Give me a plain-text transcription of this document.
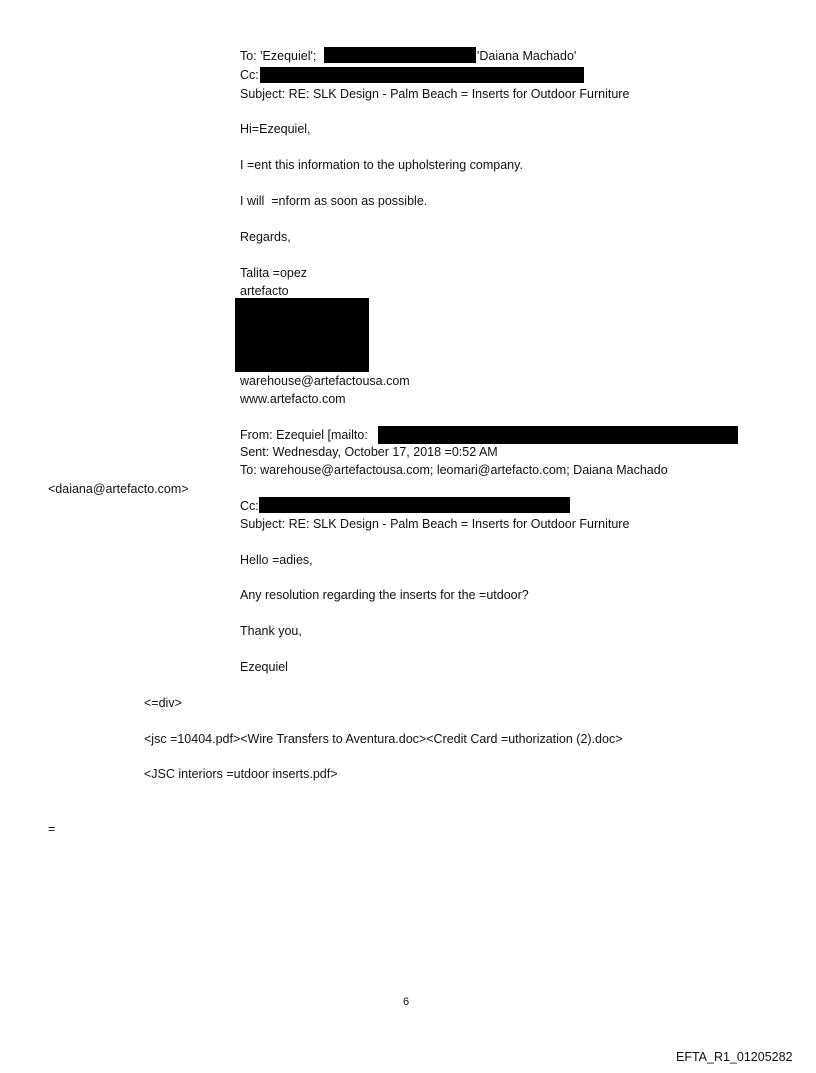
To: 'Ezequiel';	'Daiana Machado'
Cc:
Subject: RE: SLK Design - Palm Beach = Inserts for Outdoor Furniture
Hi=Ezequiel,
I =ent this information to the upholstering company.
I will  =nform as soon as possible.
Regards,
Talita =opez
artefacto
warehouse@artefactousa.com
www.artefacto.com
From: Ezequiel [mailto:
Sent: Wednesday, October 17, 2018 =0:52 AM
To: warehouse@artefactousa.com; leomari@artefacto.com; Daiana Machado
<daiana@artefacto.com>
Cc:
Subject: RE: SLK Design - Palm Beach = Inserts for Outdoor Furniture
Hello =adies,
Any resolution regarding the inserts for the =utdoor?
Thank you,
Ezequiel
<=div>
<jsc =10404.pdf><Wire Transfers to Aventura.doc><Credit Card =uthorization (2).doc>
<JSC interiors =utdoor inserts.pdf>
=
6
EFTA_R1_01205282
